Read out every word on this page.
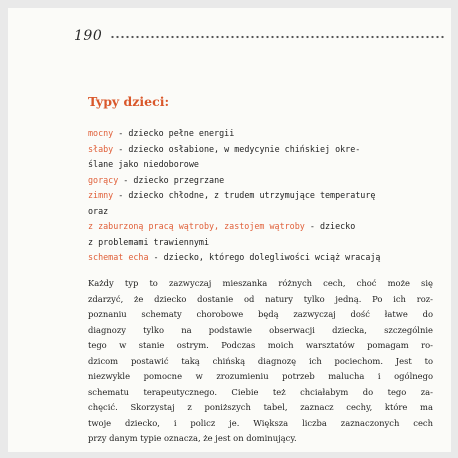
190
Typy dzieci:
mocny - dziecko pełne energii
słaby - dziecko osłabione, w medycynie chińskiej okre-
ślane jako niedoborowe
gorący - dziecko przegrzane
zimny - dziecko chłodne, z trudem utrzymujące temperaturę
oraz
z zaburzoną pracą wątroby, zastojem wątroby - dziecko
z problemami trawiennymi
schemat echa - dziecko, którego dolegliwości wciąż wracają
Każdy typ to zazwyczaj mieszanka różnych cech, choć może się
zdarzyć, że dziecko dostanie od natury tylko jedną. Po ich roz-
poznaniu schematy chorobowe będą zazwyczaj dość łatwe do
diagnozy tylko na podstawie obserwacji dziecka, szczególnie
tego w stanie ostrym. Podczas moich warsztatów pomagam ro-
dzicom postawić taką chińską diagnozę ich pociechom. Jest to
niezwykle pomocne w zrozumieniu potrzeb malucha i ogólnego
schematu terapeutycznego. Ciebie też chciałabym do tego za-
chęcić. Skorzystaj z poniższych tabel, zaznacz cechy, które ma
twoje dziecko, i policz je. Większa liczba zaznaczonych cech
przy danym typie oznacza, że jest on dominujący.
